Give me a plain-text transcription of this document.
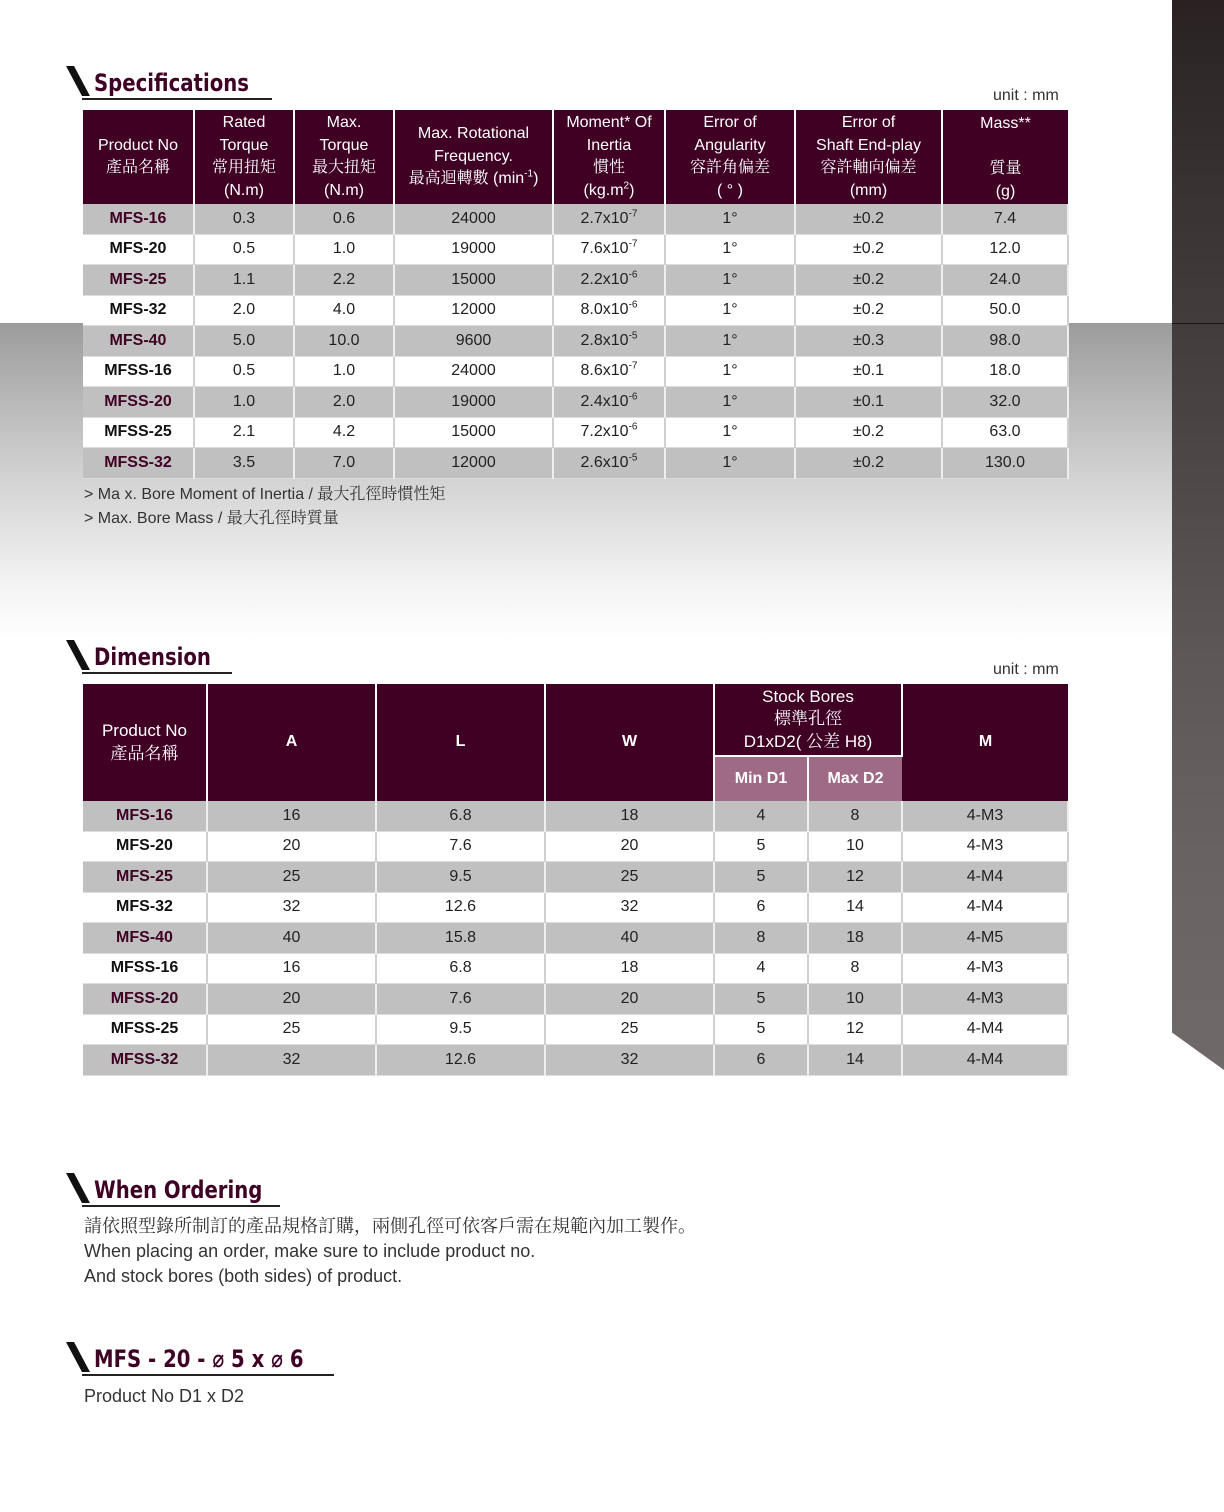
Specifications	unit : mm
Product No
產品名稱	Rated
Torque
常用扭矩
(N.m)	Max.
Torque
最大扭矩
(N.m)	Max. Rotational
Frequency.
最高迴轉數 $(\min^{-1})$	Moment* Of
Inertia
慣性
$(kg.m^2)$	Error of
Angularity
容許角偏差
( ° )	Error of
Shaft End-play
容許軸向偏差
(mm)	Mass**

質量
(g)
MFS-16	0.3	0.6	24000	$2.7x10^{-7}$	1°	±0.2	7.4
MFS-20	0.5	1.0	19000	$7.6x10^{-7}$	1°	±0.2	12.0
MFS-25	1.1	2.2	15000	$2.2x10^{-6}$	1°	±0.2	24.0
MFS-32	2.0	4.0	12000	$8.0x10^{-6}$	1°	±0.2	50.0
MFS-40	5.0	10.0	9600	$2.8x10^{-5}$	1°	±0.3	98.0
MFSS-16	0.5	1.0	24000	$8.6x10^{-7}$	1°	±0.1	18.0
MFSS-20	1.0	2.0	19000	$2.4x10^{-6}$	1°	±0.1	32.0
MFSS-25	2.1	4.2	15000	$7.2x10^{-6}$	1°	±0.2	63.0
MFSS-32	3.5	7.0	12000	$2.6x10^{-5}$	1°	±0.2	130.0
> Ma x. Bore Moment of Inertia / 最大孔徑時慣性矩
> Max. Bore Mass / 最大孔徑時質量
Dimension	unit : mm
Product No
產品名稱	A	L	W	Stock Bores
標準孔徑
D1xD2( 公差 H8)		M
				Min D1	Max D2	
MFS-16	16	6.8	18	4	8	4-M3
MFS-20	20	7.6	20	5	10	4-M3
MFS-25	25	9.5	25	5	12	4-M4
MFS-32	32	12.6	32	6	14	4-M4
MFS-40	40	15.8	40	8	18	4-M5
MFSS-16	16	6.8	18	4	8	4-M3
MFSS-20	20	7.6	20	5	10	4-M3
MFSS-25	25	9.5	25	5	12	4-M4
MFSS-32	32	12.6	32	6	14	4-M4
When Ordering
請依照型錄所制訂的產品規格訂購，兩側孔徑可依客戶需在規範內加工製作。
When placing an order, make sure to include product no.
And stock bores (both sides) of product.
MFS - 20 - ⌀ 5 x ⌀ 6
Product No D1 x D2
